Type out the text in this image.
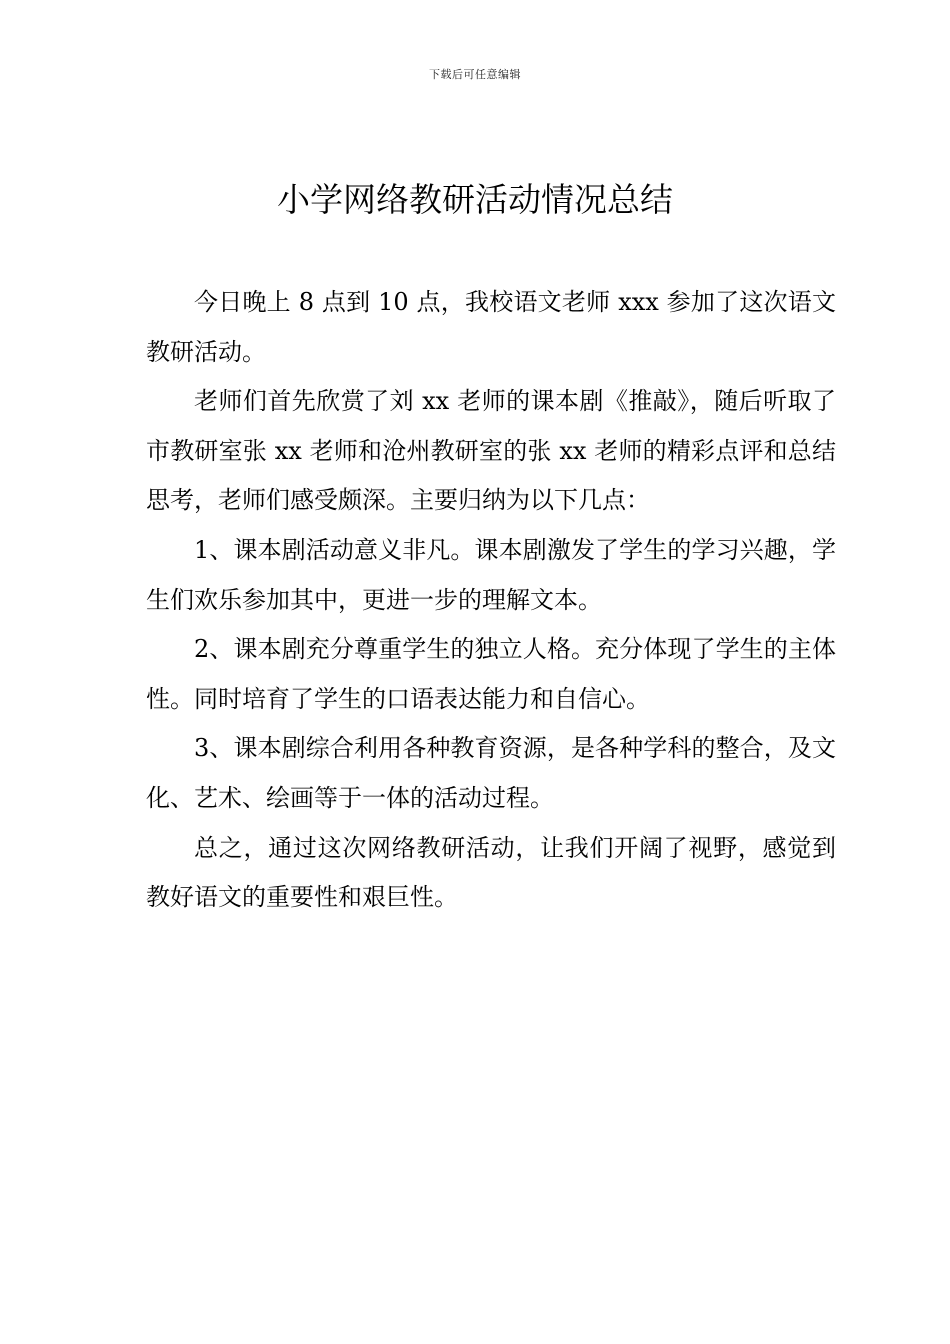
下载后可任意编辑
小学网络教研活动情况总结

今日晚上 8 点到 10 点，我校语文老师 xxx 参加了这次语文教研活动。

老师们首先欣赏了刘 xx 老师的课本剧《推敲》，随后听取了市教研室张 xx 老师和沧州教研室的张 xx 老师的精彩点评和总结思考，老师们感受颇深。主要归纳为以下几点：

1、课本剧活动意义非凡。课本剧激发了学生的学习兴趣，学生们欢乐参加其中，更进一步的理解文本。

2、课本剧充分尊重学生的独立人格。充分体现了学生的主体性。同时培育了学生的口语表达能力和自信心。

3、课本剧综合利用各种教育资源，是各种学科的整合，及文化、艺术、绘画等于一体的活动过程。

总之，通过这次网络教研活动，让我们开阔了视野，感觉到教好语文的重要性和艰巨性。
